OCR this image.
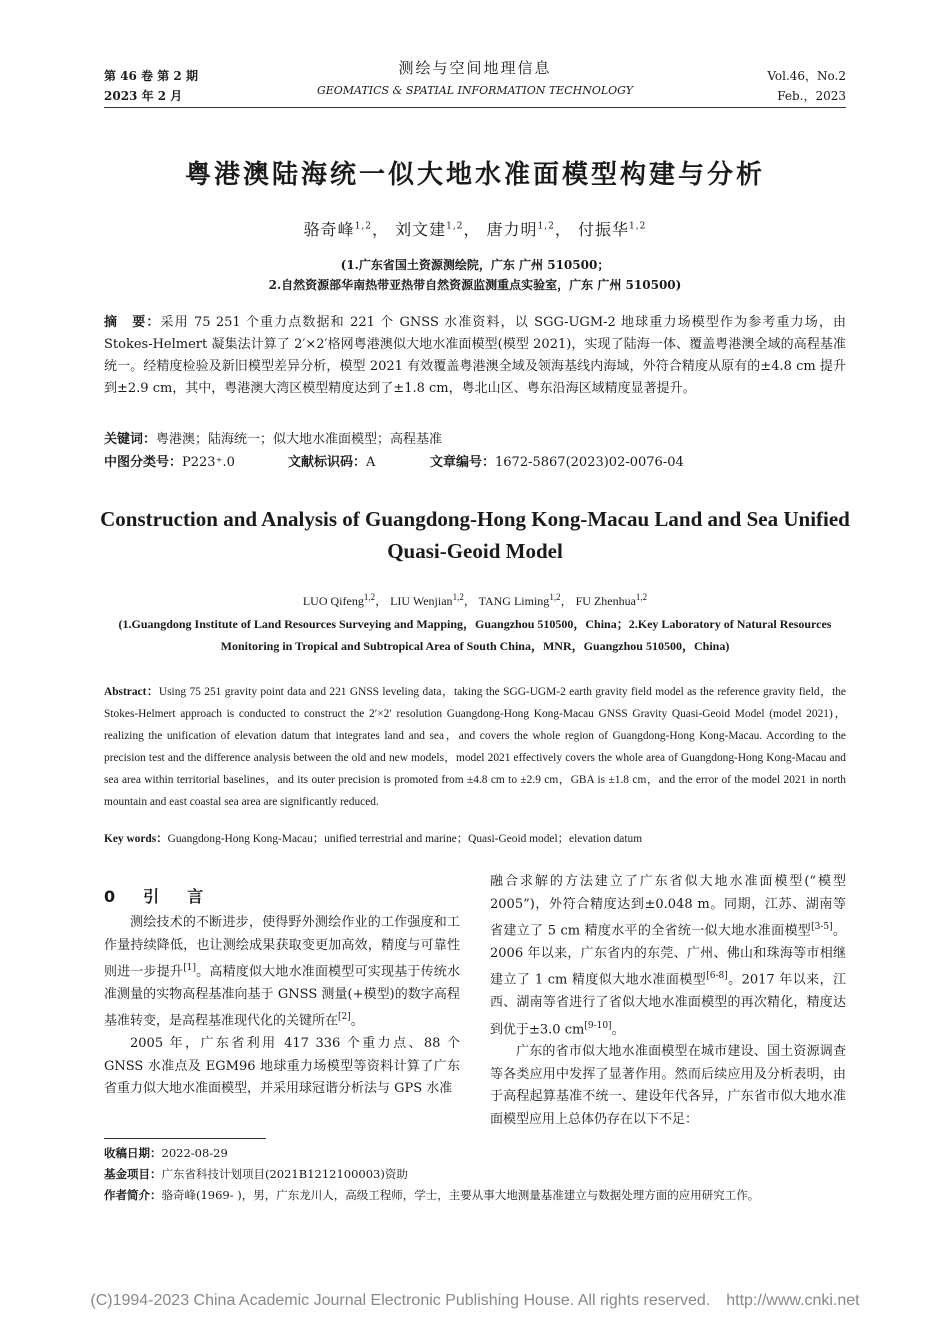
第 46 卷 第 2 期
2023 年 2 月
测绘与空间地理信息
GEOMATICS & SPATIAL INFORMATION TECHNOLOGY
Vol.46，No.2
Feb.，2023
粤港澳陆海统一似大地水准面模型构建与分析
骆奇峰$^{1,2}$， 刘文建$^{1,2}$， 唐力明$^{1,2}$， 付振华$^{1,2}$
(1.广东省国土资源测绘院，广东 广州 510500；
2.自然资源部华南热带亚热带自然资源监测重点实验室，广东 广州 510500)
摘　要：采用 75 251 个重力点数据和 221 个 GNSS 水准资料，以 SGG-UGM-2 地球重力场模型作为参考重力场，由 Stokes-Helmert 凝集法计算了 2′×2′格网粤港澳似大地水准面模型(模型 2021)，实现了陆海一体、覆盖粤港澳全域的高程基准统一。经精度检验及新旧模型差异分析，模型 2021 有效覆盖粤港澳全域及领海基线内海域，外符合精度从原有的±4.8 cm 提升到±2.9 cm，其中，粤港澳大湾区模型精度达到了±1.8 cm，粤北山区、粤东沿海区域精度显著提升。
关键词：粤港澳；陆海统一；似大地水准面模型；高程基准
中图分类号：P223⁺.0	文献标识码：A	文章编号：1672-5867(2023)02-0076-04
Construction and Analysis of Guangdong-Hong Kong-Macau Land and Sea Unified Quasi-Geoid Model
LUO Qifeng$^{1,2}$， LIU Wenjian$^{1,2}$， TANG Liming$^{1,2}$， FU Zhenhua$^{1,2}$
(1.Guangdong Institute of Land Resources Surveying and Mapping，Guangzhou 510500，China；2.Key Laboratory of Natural Resources Monitoring in Tropical and Subtropical Area of South China，MNR，Guangzhou 510500，China)
Abstract：Using 75 251 gravity point data and 221 GNSS leveling data，taking the SGG-UGM-2 earth gravity field model as the reference gravity field，the Stokes-Helmert approach is conducted to construct the 2′×2′ resolution Guangdong-Hong Kong-Macau GNSS Gravity Quasi-Geoid Model (model 2021)，realizing the unification of elevation datum that integrates land and sea，and covers the whole region of Guangdong-Hong Kong-Macau. According to the precision test and the difference analysis between the old and new models，model 2021 effectively covers the whole area of Guangdong-Hong Kong-Macau and sea area within territorial baselines，and its outer precision is promoted from ±4.8 cm to ±2.9 cm，GBA is ±1.8 cm，and the error of the model 2021 in north mountain and east coastal sea area are significantly reduced.
Key words：Guangdong-Hong Kong-Macau；unified terrestrial and marine；Quasi-Geoid model；elevation datum
0　引　言

测绘技术的不断进步，使得野外测绘作业的工作强度和工作量持续降低，也让测绘成果获取变更加高效，精度与可靠性则进一步提升[1]。高精度似大地水准面模型可实现基于传统水准测量的实物高程基准向基于 GNSS 测量(+模型)的数字高程基准转变，是高程基准现代化的关键所在[2]。

2005 年，广东省利用 417 336 个重力点、88 个 GNSS 水准点及 EGM96 地球重力场模型等资料计算了广东省重力似大地水准面模型，并采用球冠谐分析法与 GPS 水准

融合求解的方法建立了广东省似大地水准面模型(“模型 2005”)，外符合精度达到±0.048 m。同期，江苏、湖南等省建立了 5 cm 精度水平的全省统一似大地水准面模型[3-5]。2006 年以来，广东省内的东莞、广州、佛山和珠海等市相继建立了 1 cm 精度似大地水准面模型[6-8]。2017 年以来，江西、湖南等省进行了省似大地水准面模型的再次精化，精度达到优于±3.0 cm[9-10]。

广东的省市似大地水准面模型在城市建设、国土资源调查等各类应用中发挥了显著作用。然而后续应用及分析表明，由于高程起算基准不统一、建设年代各异，广东省市似大地水准面模型应用上总体仍存在以下不足：

收稿日期：2022-08-29
基金项目：广东省科技计划项目(2021B1212100003)资助
作者简介：骆奇峰(1969- )，男，广东龙川人，高级工程师，学士，主要从事大地测量基准建立与数据处理方面的应用研究工作。
(C)1994-2023 China Academic Journal Electronic Publishing House. All rights reserved.　http://www.cnki.net
